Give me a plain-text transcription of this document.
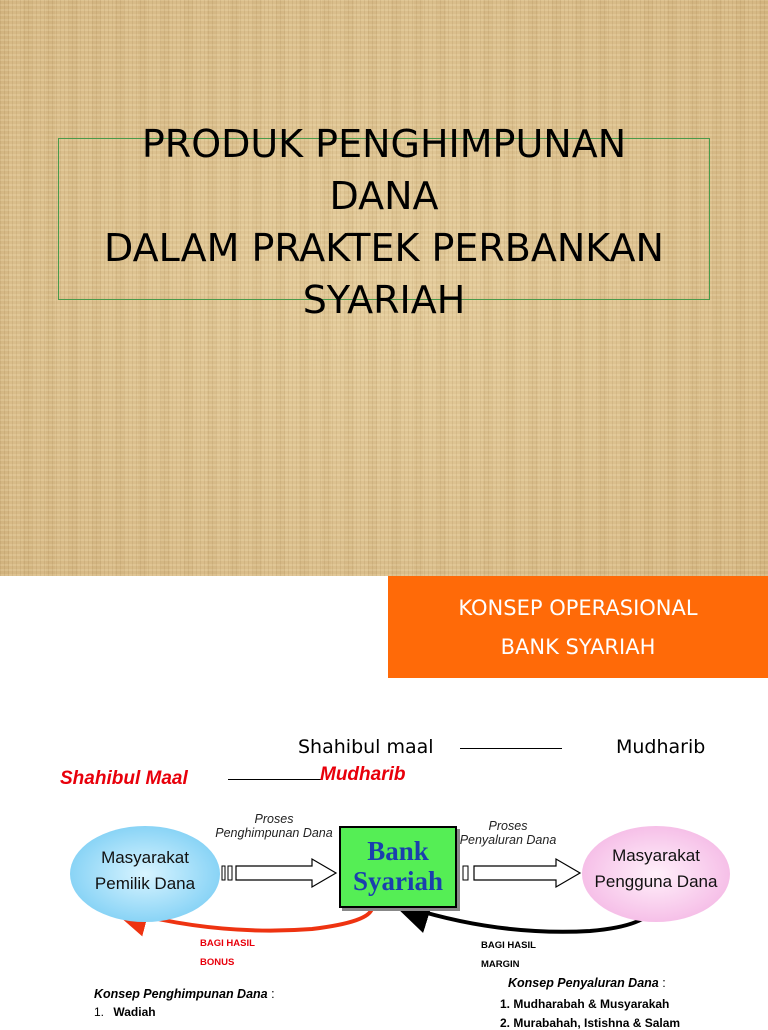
PRODUK PENGHIMPUNAN
DANA
DALAM PRAKTEK PERBANKAN
SYARIAH
KONSEP OPERASIONAL
BANK SYARIAH
Shahibul maal	Mudharib
Shahibul Maal	Mudharib
Proses
Penghimpunan Dana	Proses
Penyaluran Dana
Masyarakat
Pemilik Dana
Bank
Syariah
Masyarakat
Pengguna Dana
BAGI HASIL
BONUS
BAGI HASIL
MARGIN
Konsep Penghimpunan Dana :
1. Wadiah
Konsep Penyaluran Dana :
1. Mudharabah & Musyarakah
2. Murabahah, Istishna & Salam
